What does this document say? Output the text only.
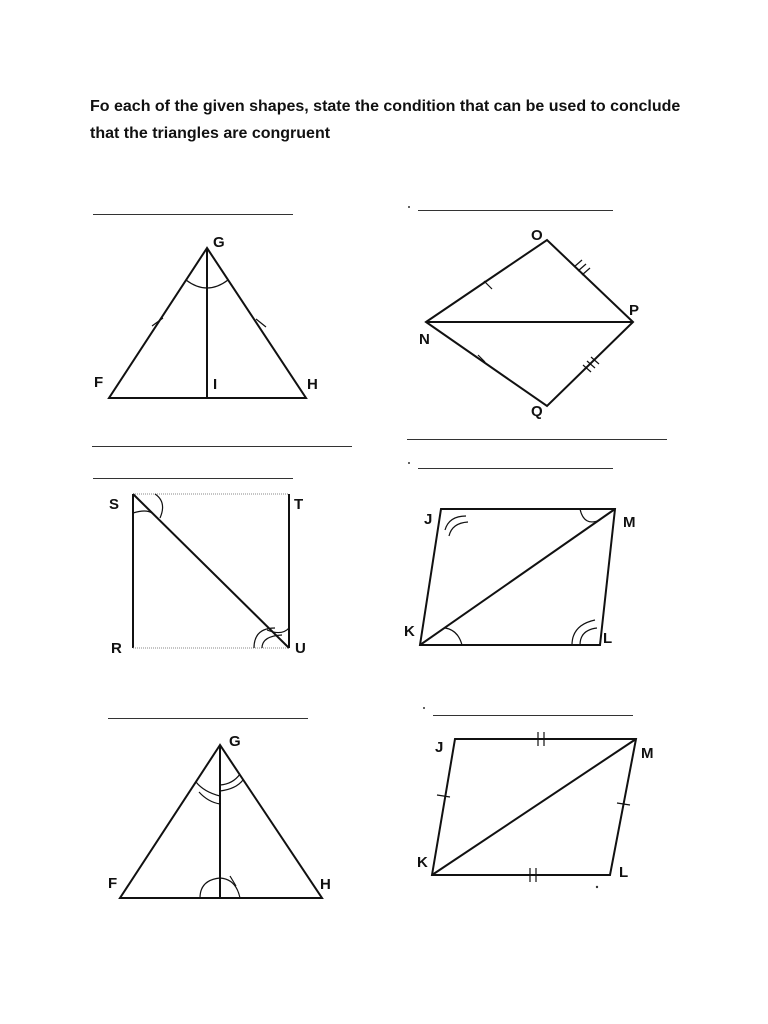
Fo each of the given shapes, state the condition that can be used to conclude that the triangles are congruent
G
F	I	H
O
N
P
Q
S	T
R	U
J	M
K	L
G
F	H
J	M
K
L
